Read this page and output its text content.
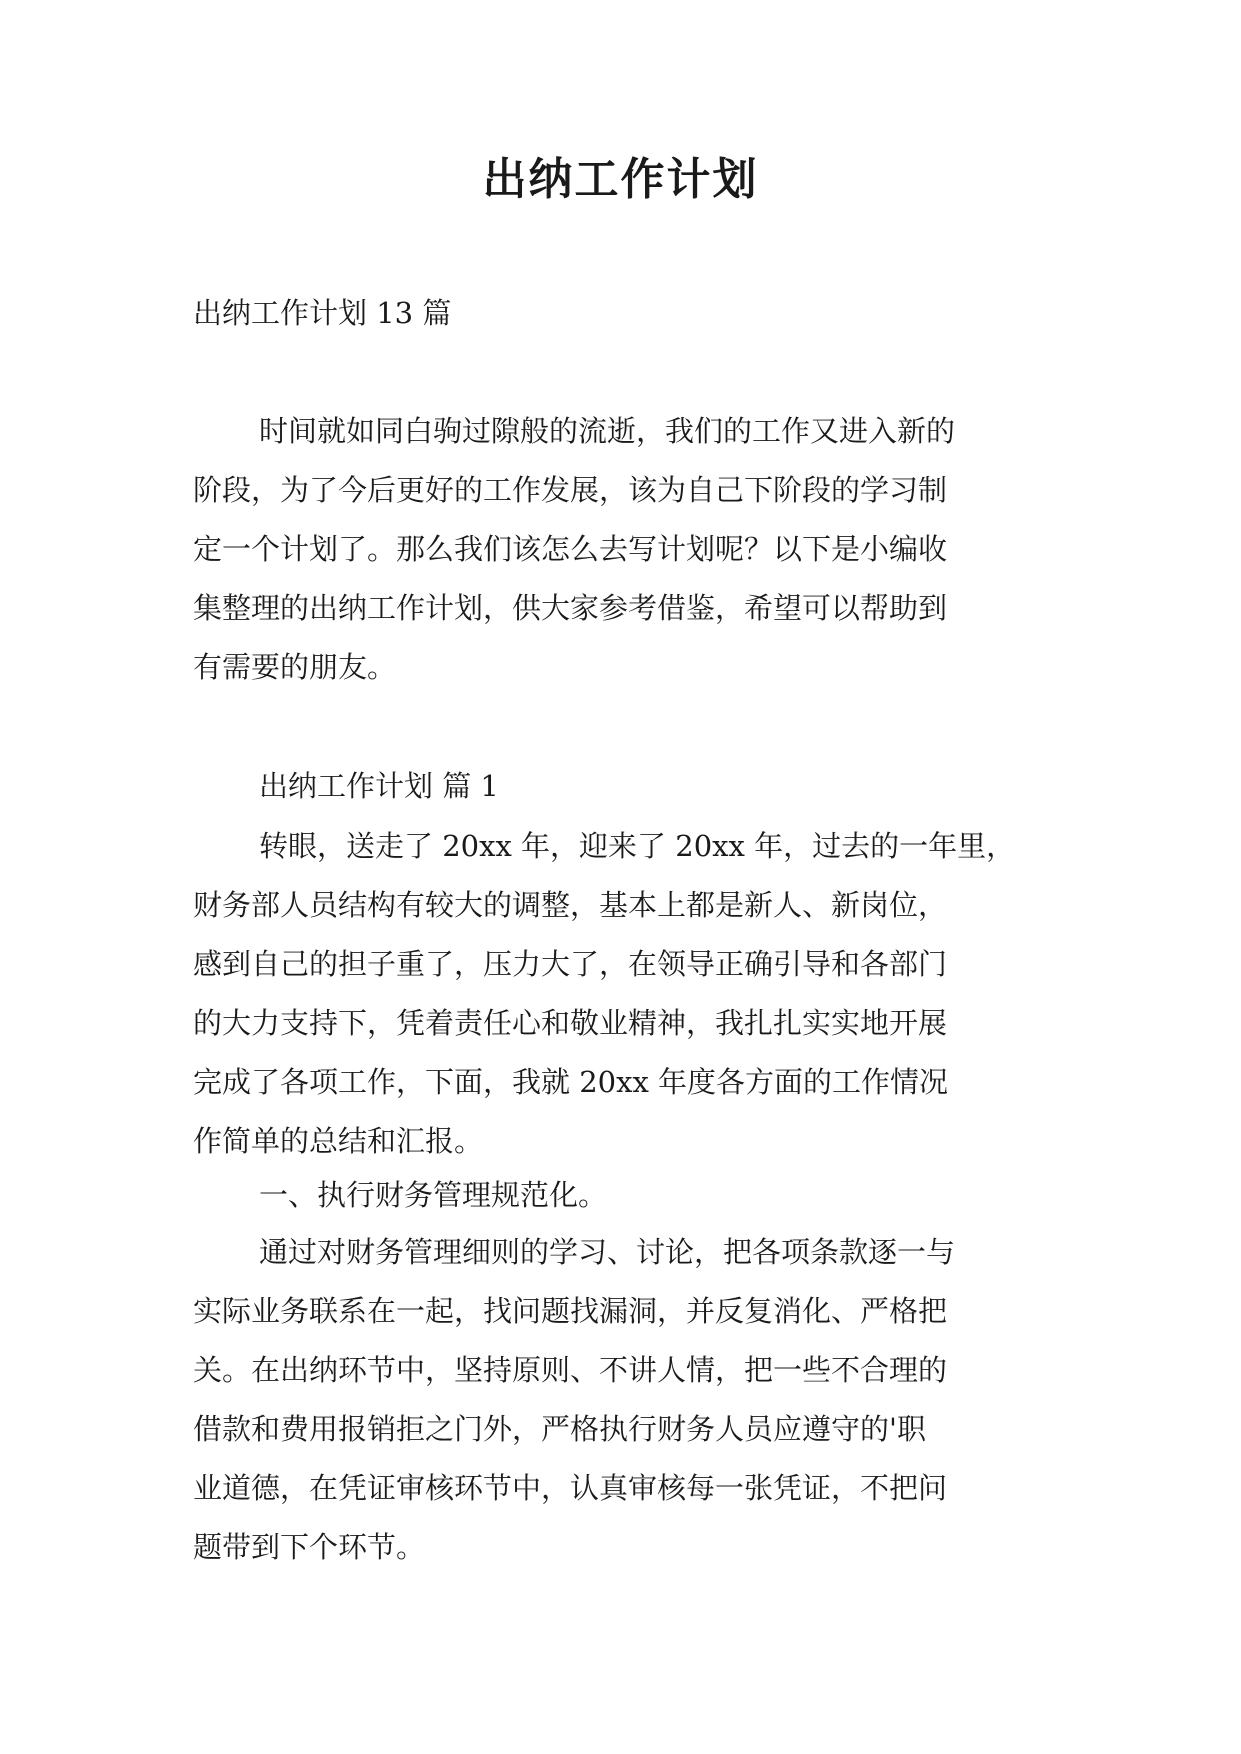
出纳工作计划
出纳工作计划 13 篇
时间就如同白驹过隙般的流逝，我们的工作又进入新的
阶段，为了今后更好的工作发展，该为自己下阶段的学习制
定一个计划了。那么我们该怎么去写计划呢？以下是小编收
集整理的出纳工作计划，供大家参考借鉴，希望可以帮助到
有需要的朋友。
出纳工作计划 篇 1
转眼，送走了 20xx 年，迎来了 20xx 年，过去的一年里，
财务部人员结构有较大的调整，基本上都是新人、新岗位，
感到自己的担子重了，压力大了，在领导正确引导和各部门
的大力支持下，凭着责任心和敬业精神，我扎扎实实地开展
完成了各项工作，下面，我就 20xx 年度各方面的工作情况
作简单的总结和汇报。
一、执行财务管理规范化。
通过对财务管理细则的学习、讨论，把各项条款逐一与
实际业务联系在一起，找问题找漏洞，并反复消化、严格把
关。在出纳环节中，坚持原则、不讲人情，把一些不合理的
借款和费用报销拒之门外，严格执行财务人员应遵守的'职
业道德，在凭证审核环节中，认真审核每一张凭证，不把问
题带到下个环节。
